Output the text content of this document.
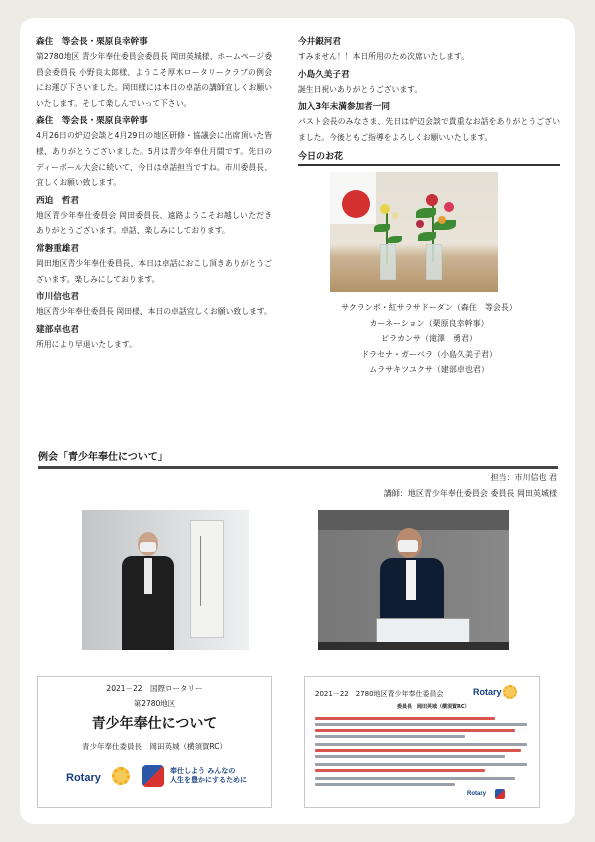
森住　等会長・栗原良幸幹事

第2780地区 青少年奉仕委員会委員長 岡田英城様、ホームページ委員会委員長 小野良太郎様、ようこそ厚木ロータリークラブの例会にお運び下さいました。岡田様には本日の卓話の講師宜しくお願いいたします。そして楽しんでいって下さい。

森住　等会長・栗原良幸幹事

4月26日の炉辺会談と4月29日の地区研修・協議会に出席頂いた皆様、ありがとうございました。5月は青少年奉仕月間です。先日のディーボール大会に続いて、今日は卓話担当ですね。市川委員長、宜しくお願い致します。

西迫　哲君

地区青少年奉仕委員会 岡田委員長、遠路ようこそお越しいただきありがとうございます。卓話、楽しみにしております。

常磐重雄君

岡田地区青少年奉仕委員長、本日は卓話におこし頂きありがとうございます。楽しみにしております。

市川信也君

地区青少年奉仕委員長 岡田様、本日の卓話宜しくお願い致します。

建部卓也君

所用により早退いたします。

今井銀河君

すみません！！本日所用のため次席いたします。

小島久美子君

誕生日祝いありがとうございます。

加入3年未満参加者一同

パスト会長のみなさま、先日は炉辺会談で貴重なお話をありがとうございました。今後ともご指導をよろしくお願いいたします。

今日のお花
サクランボ・紅サラサドーダン（森住　等会長）
カーネーション（栗原良幸幹事）
ピラカンサ（滝澤　勇君）
ドラセナ・ガーベラ（小島久美子君）
ムラサキツユクサ（建部卓也君）
例会「青少年奉仕について」
担当：市川信也 君
講師：地区青少年奉仕委員会 委員長 岡田英城様
2021－22　国際ロータリー
第2780地区
青少年奉仕について
青少年奉仕委員長　岡田英城（横須賀RC）
Rotary
奉仕しよう みんなの
人生を豊かにするために
2021－22　2780地区青少年奉仕委員会	Rotary
委員長　岡田英城（横須賀RC）
Rotary
